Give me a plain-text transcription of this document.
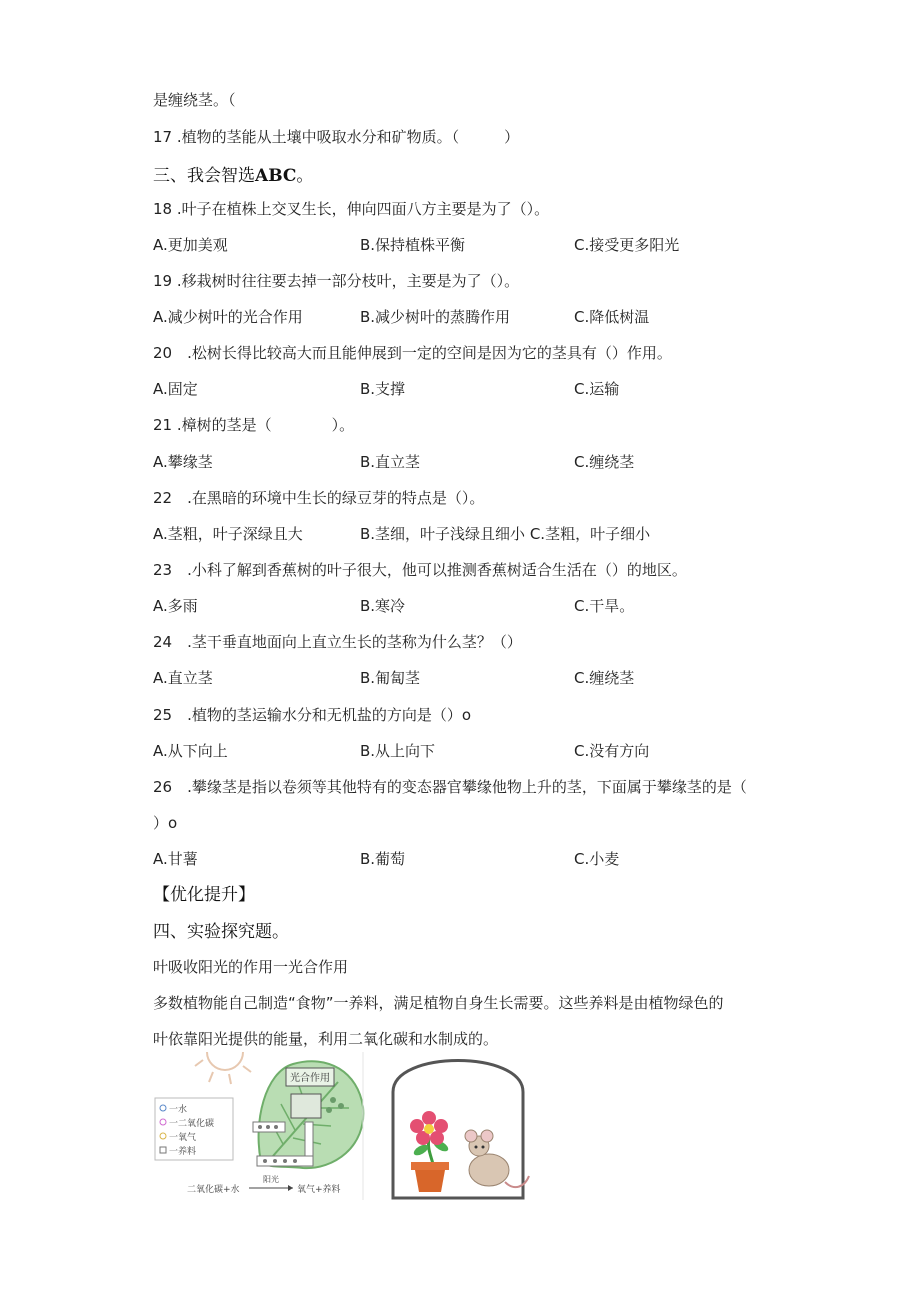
是缠绕茎。（
17 .植物的茎能从土壤中吸取水分和矿物质。（　　　）
三、我会智选ABC。
18 .叶子在植株上交叉生长，伸向四面八方主要是为了（）。
A.更加美观	B.保持植株平衡	C.接受更多阳光
19 .移栽树时往往要去掉一部分枝叶，主要是为了（）。
A.减少树叶的光合作用	B.减少树叶的蒸腾作用	C.降低树温
20　.松树长得比较高大而且能伸展到一定的空间是因为它的茎具有（）作用。
A.固定	B.支撑	C.运输
21 .樟树的茎是（　　　　）。
A.攀缘茎	B.直立茎	C.缠绕茎
22　.在黑暗的环境中生长的绿豆芽的特点是（）。
A.茎粗，叶子深绿且大	B.茎细，叶子浅绿且细小 C.茎粗，叶子细小
23　.小科了解到香蕉树的叶子很大，他可以推测香蕉树适合生活在（）的地区。
A.多雨	B.寒冷	C.干旱。
24　.茎干垂直地面向上直立生长的茎称为什么茎？（）
A.直立茎	B.匍匐茎	C.缠绕茎
25　.植物的茎运输水分和无机盐的方向是（）o
A.从下向上	B.从上向下	C.没有方向
26　.攀缘茎是指以卷须等其他特有的变态器官攀缘他物上升的茎，下面属于攀缘茎的是（
）o
A.甘薯	B.葡萄	C.小麦
【优化提升】
四、实验探究题。
叶吸收阳光的作用一光合作用
多数植物能自己制造“食物”一养料，满足植物自身生长需要。这些养料是由植物绿色的
叶依靠阳光提供的能量，利用二氧化碳和水制成的。
光合作用
一水
一二氧化碳
一氧气
一养料
二氧化碳+水
阳光
氧气+养料
